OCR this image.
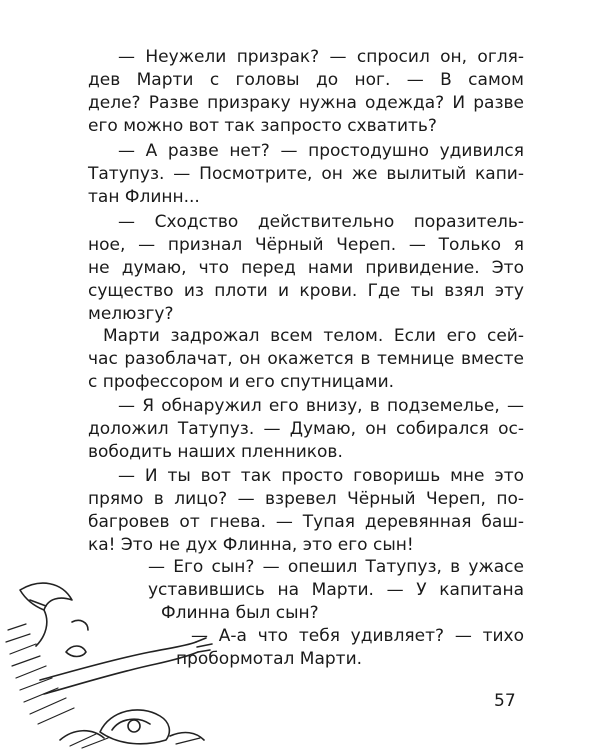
— Неужели призрак? — спросил он, огля-

дев Марти с головы до ног. — В самом

деле? Разве призраку нужна одежда? И разве

его можно вот так запросто схватить?

— А разве нет? — простодушно удивился

Татупуз. — Посмотрите, он же вылитый капи-

тан Флинн...

— Сходство действительно поразитель-

ное, — признал Чёрный Череп. — Только я

не думаю, что перед нами привидение. Это

существо из плоти и крови. Где ты взял эту

мелюзгу?

Марти задрожал всем телом. Если его сей-

час разоблачат, он окажется в темнице вместе

с профессором и его спутницами.

— Я обнаружил его внизу, в подземелье, —

доложил Татупуз. — Думаю, он собирался ос-

вободить наших пленников.

— И ты вот так просто говоришь мне это

прямо в лицо? — взревел Чёрный Череп, по-

багровев от гнева. — Тупая деревянная баш-

ка! Это не дух Флинна, это его сын!

— Его сын? — опешил Татупуз, в ужасе

уставившись на Марти. — У капитана

Флинна был сын?

— А-а что тебя удивляет? — тихо

пробормотал Марти.

57
